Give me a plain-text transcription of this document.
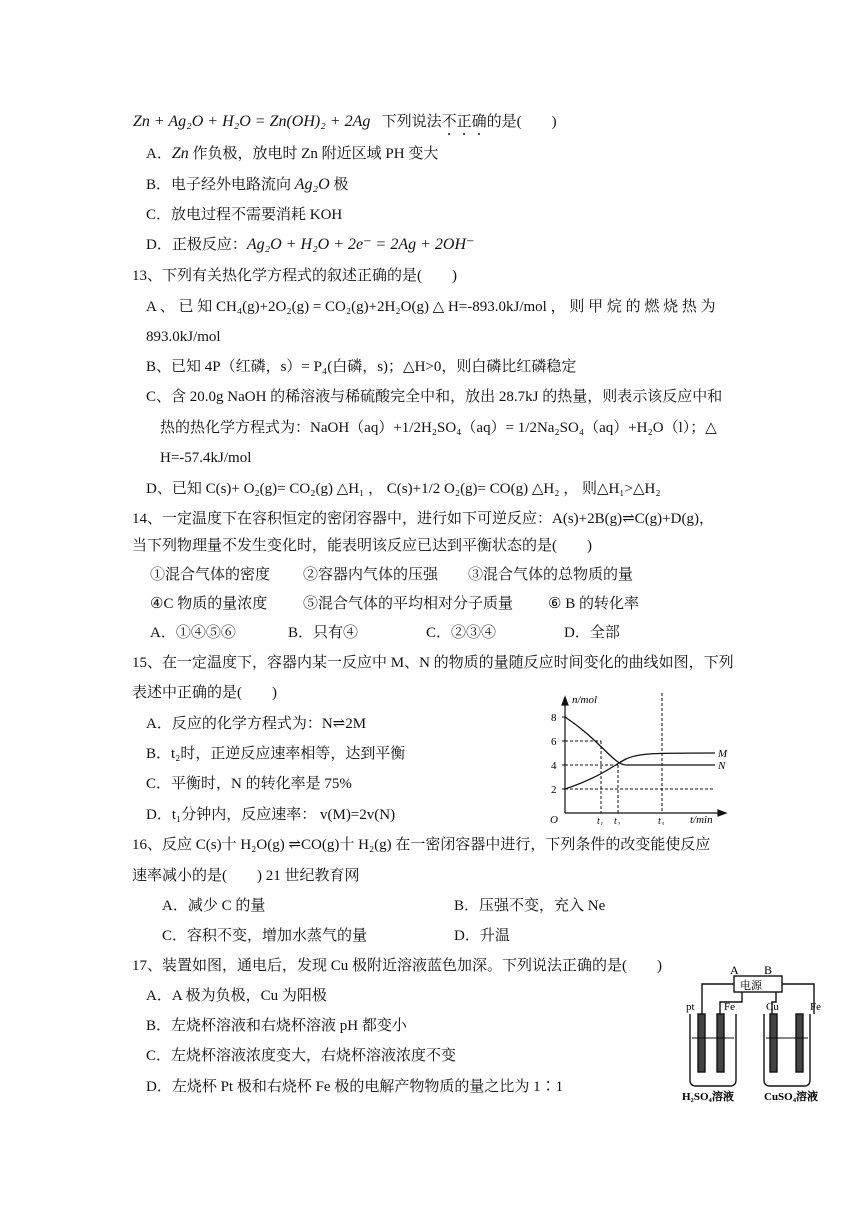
Zn + Ag₂O + H₂O = Zn(OH)₂ + 2Ag 下列说法不正确的是(　　)
A．Zn 作负极，放电时 Zn 附近区域 PH 变大
B．电子经外电路流向 Ag₂O 极
C．放电过程不需要消耗 KOH
D．正极反应：Ag₂O + H₂O + 2e⁻ = 2Ag + 2OH⁻
13、下列有关热化学方程式的叙述正确的是(　　)
A 、 已 知 CH₄(g)+2O₂(g) = CO₂(g)+2H₂O(g) △ H=-893.0kJ/mol ， 则 甲 烷 的 燃 烧 热 为
893.0kJ/mol
B、已知 4P（红磷，s）= P₄(白磷，s)；△H>0，则白磷比红磷稳定
C、含 20.0g NaOH 的稀溶液与稀硫酸完全中和，放出 28.7kJ 的热量，则表示该反应中和
热的热化学方程式为：NaOH（aq）+1/2H₂SO₄（aq）= 1/2Na₂SO₄（aq）+H₂O（l）；△
H=-57.4kJ/mol
D、已知 C(s)+ O₂(g)= CO₂(g) △H₁ ， C(s)+1/2 O₂(g)= CO(g) △H₂ ， 则△H₁>△H₂
14、一定温度下在容积恒定的密闭容器中，进行如下可逆反应：A(s)+2B(g)⇌C(g)+D(g)，
当下列物理量不发生变化时，能表明该反应已达到平衡状态的是(　　)
①混合气体的密度 ②容器内气体的压强 ③混合气体的总物质的量
④C 物质的量浓度 ⑤混合气体的平均相对分子质量 ⑥ B 的转化率
A．①④⑤⑥	B．只有④	C．②③④	D．全部
15、在一定温度下，容器内某一反应中 M、N 的物质的量随反应时间变化的曲线如图，下列
表述中正确的是(　　)
A．反应的化学方程式为：N⇌2M
B．t₂时，正逆反应速率相等，达到平衡
C．平衡时，N 的转化率是 75%
D．t₁分钟内，反应速率： v(M)=2v(N)
n/mol
t/min
O
8
6
4
2
t₁ t₂	t₃
N
M
16、反应 C(s)十 H₂O(g) ⇌CO(g)十 H₂(g) 在一密闭容器中进行，下列条件的改变能使反应
速率减小的是(　　) 21 世纪教育网
A．减少 C 的量	B．压强不变，充入 Ne
C．容积不变，增加水蒸气的量	D．升温
17、装置如图，通电后，发现 Cu 极附近溶液蓝色加深。下列说法正确的是(　　)
A．A 极为负极，Cu 为阳极
B．左烧杯溶液和右烧杯溶液 pH 都变小
C．左烧杯溶液浓度变大，右烧杯溶液浓度不变
D．左烧杯 Pt 极和右烧杯 Fe 极的电解产物物质的量之比为 1∶1
A B
电源
pt	Fe	Cu	Fe
H₂SO₄溶液	CuSO₄溶液
